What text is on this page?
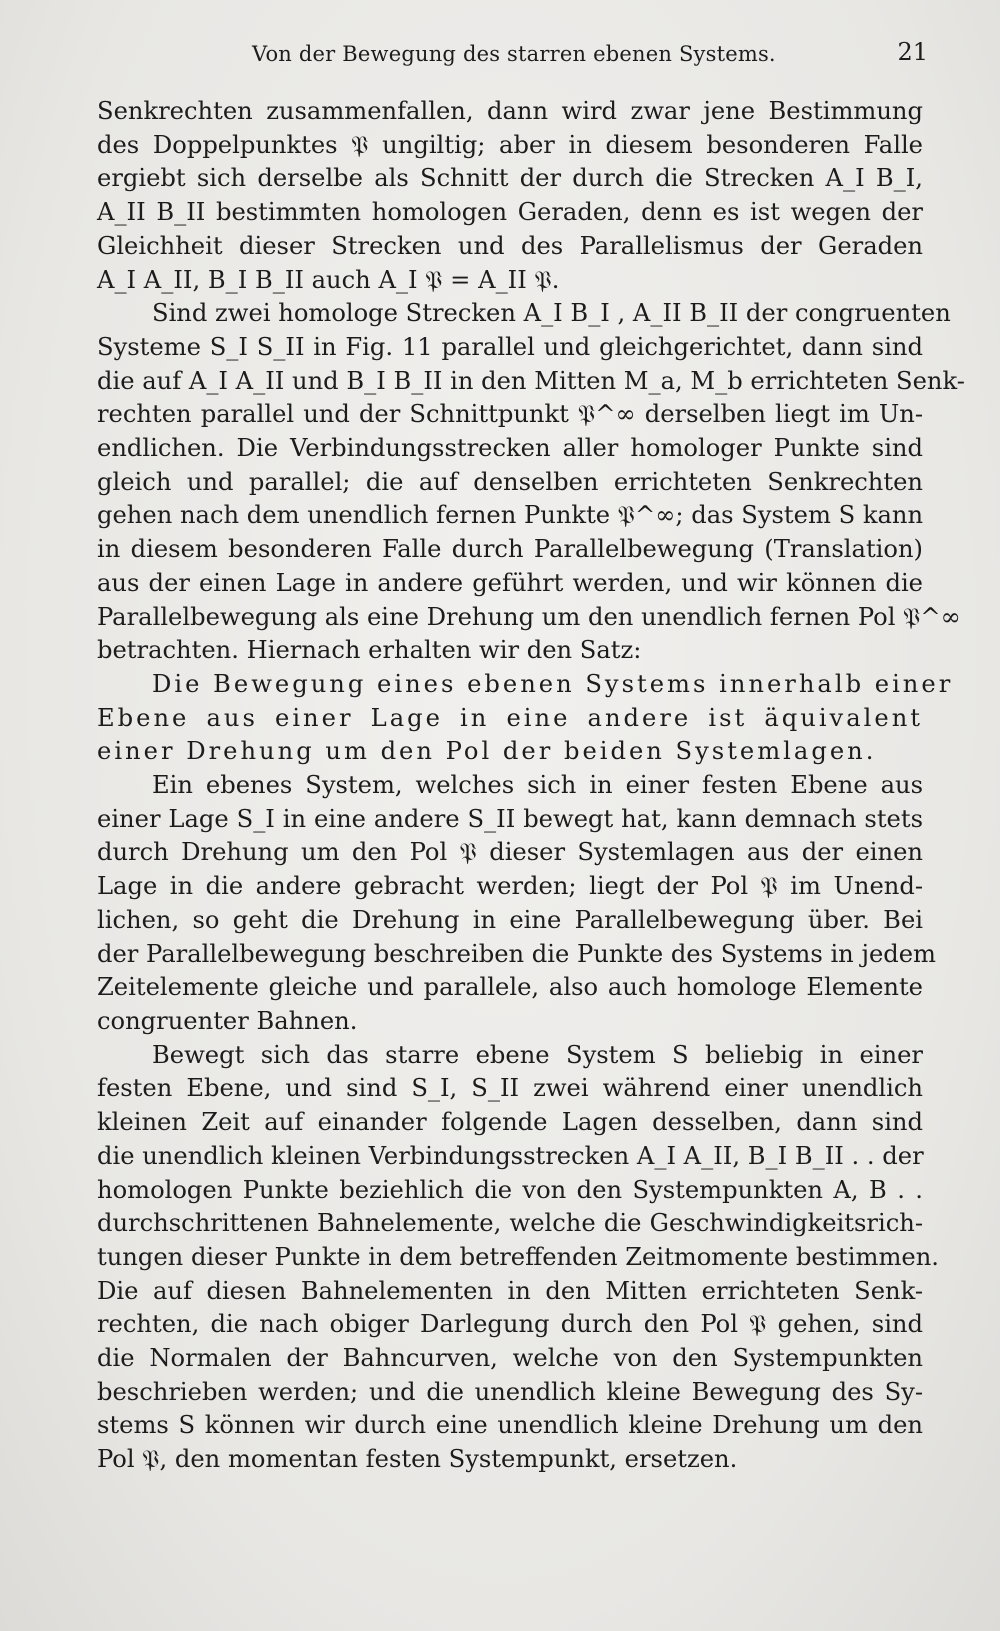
Von der Bewegung des starren ebenen Systems.	21
Senkrechten zusammenfallen, dann wird zwar jene Bestimmung
des Doppelpunktes 𝔓 ungiltig; aber in diesem besonderen Falle
ergiebt sich derselbe als Schnitt der durch die Strecken A_I B_I,
A_II B_II bestimmten homologen Geraden, denn es ist wegen der
Gleichheit dieser Strecken und des Parallelismus der Geraden
A_I A_II, B_I B_II auch A_I 𝔓 = A_II 𝔓.
Sind zwei homologe Strecken A_I B_I , A_II B_II der congruenten
Systeme S_I S_II in Fig. 11 parallel und gleichgerichtet, dann sind
die auf A_I A_II und B_I B_II in den Mitten M_a, M_b errichteten Senk-
rechten parallel und der Schnittpunkt 𝔓^∞ derselben liegt im Un-
endlichen. Die Verbindungsstrecken aller homologer Punkte sind
gleich und parallel; die auf denselben errichteten Senkrechten
gehen nach dem unendlich fernen Punkte 𝔓^∞; das System S kann
in diesem besonderen Falle durch Parallelbewegung (Translation)
aus der einen Lage in andere geführt werden, und wir können die
Parallelbewegung als eine Drehung um den unendlich fernen Pol 𝔓^∞
betrachten. Hiernach erhalten wir den Satz:
Die Bewegung eines ebenen Systems innerhalb einer
Ebene aus einer Lage in eine andere ist äquivalent
einer Drehung um den Pol der beiden Systemlagen.
Ein ebenes System, welches sich in einer festen Ebene aus
einer Lage S_I in eine andere S_II bewegt hat, kann demnach stets
durch Drehung um den Pol 𝔓 dieser Systemlagen aus der einen
Lage in die andere gebracht werden; liegt der Pol 𝔓 im Unend-
lichen, so geht die Drehung in eine Parallelbewegung über. Bei
der Parallelbewegung beschreiben die Punkte des Systems in jedem
Zeitelemente gleiche und parallele, also auch homologe Elemente
congruenter Bahnen.
Bewegt sich das starre ebene System S beliebig in einer
festen Ebene, und sind S_I, S_II zwei während einer unendlich
kleinen Zeit auf einander folgende Lagen desselben, dann sind
die unendlich kleinen Verbindungsstrecken A_I A_II, B_I B_II . . der
homologen Punkte beziehlich die von den Systempunkten A, B . .
durchschrittenen Bahnelemente, welche die Geschwindigkeitsrich-
tungen dieser Punkte in dem betreffenden Zeitmomente bestimmen.
Die auf diesen Bahnelementen in den Mitten errichteten Senk-
rechten, die nach obiger Darlegung durch den Pol 𝔓 gehen, sind
die Normalen der Bahncurven, welche von den Systempunkten
beschrieben werden; und die unendlich kleine Bewegung des Sy-
stems S können wir durch eine unendlich kleine Drehung um den
Pol 𝔓, den momentan festen Systempunkt, ersetzen.
